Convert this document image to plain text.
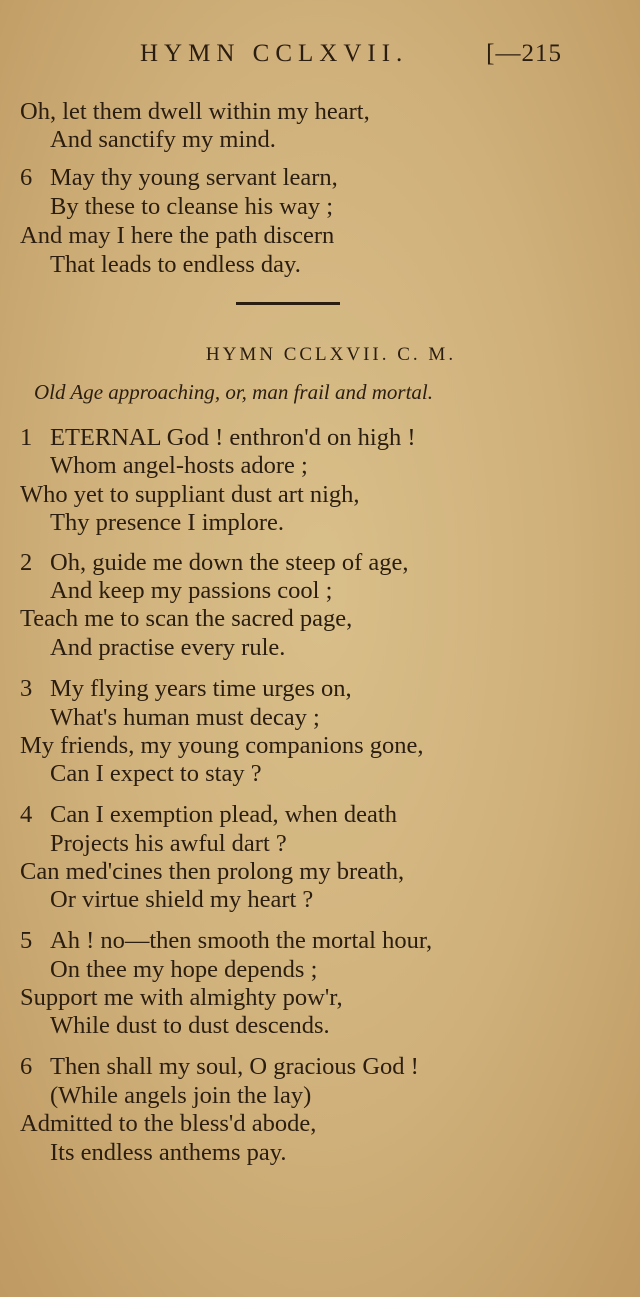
HYMN CCLXVII.	[—215
Oh, let them dwell within my heart,
And sanctify my mind.
6 May thy young servant learn,
By these to cleanse his way ;
And may I here the path discern
That leads to endless day.
HYMN CCLXVII. C. M.
Old Age approaching, or, man frail and mortal.
1 ETERNAL God ! enthron'd on high !
Whom angel-hosts adore ;
Who yet to suppliant dust art nigh,
Thy presence I implore.
2 Oh, guide me down the steep of age,
And keep my passions cool ;
Teach me to scan the sacred page,
And practise every rule.
3 My flying years time urges on,
What's human must decay ;
My friends, my young companions gone,
Can I expect to stay ?
4 Can I exemption plead, when death
Projects his awful dart ?
Can med'cines then prolong my breath,
Or virtue shield my heart ?
5 Ah ! no—then smooth the mortal hour,
On thee my hope depends ;
Support me with almighty pow'r,
While dust to dust descends.
6 Then shall my soul, O gracious God !
(While angels join the lay)
Admitted to the bless'd abode,
Its endless anthems pay.
